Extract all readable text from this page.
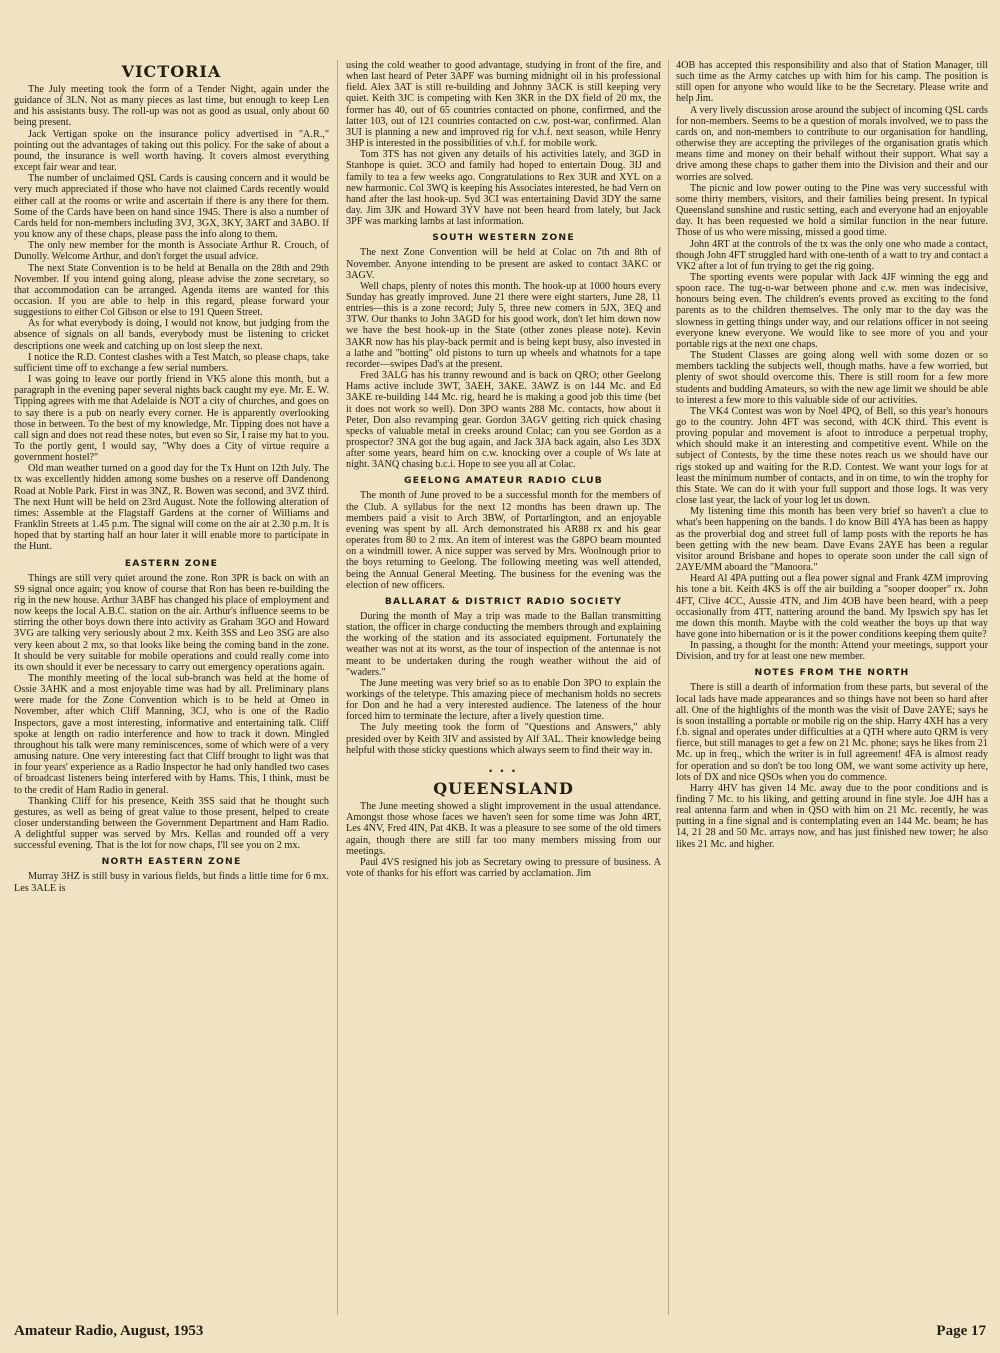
VICTORIA

The July meeting took the form of a Tender Night, again under the guidance of 3LN. Not as many pieces as last time, but enough to keep Len and his assistants busy. The roll-up was not as good as usual, only about 60 being present.

Jack Vertigan spoke on the insurance policy advertised in "A.R.," pointing out the advantages of taking out this policy. For the sake of about a pound, the insurance is well worth having. It covers almost everything except fair wear and tear.

The number of unclaimed QSL Cards is causing concern and it would be very much appreciated if those who have not claimed Cards recently would either call at the rooms or write and ascertain if there is any there for them. Some of the Cards have been on hand since 1945. There is also a number of Cards held for non-members including 3VJ, 3GX, 3KY, 3ART and 3ABO. If you know any of these chaps, please pass the info along to them.

The only new member for the month is Associate Arthur R. Crouch, of Dunolly. Welcome Arthur, and don't forget the usual advice.

The next State Convention is to be held at Benalla on the 28th and 29th November. If you intend going along, please advise the zone secretary, so that accommodation can be arranged. Agenda items are wanted for this occasion. If you are able to help in this regard, please forward your suggestions to either Col Gibson or else to 191 Queen Street.

As for what everybody is doing, I would not know, but judging from the absence of signals on all bands, everybody must be listening to cricket descriptions one week and catching up on lost sleep the next.

I notice the R.D. Contest clashes with a Test Match, so please chaps, take sufficient time off to exchange a few serial numbers.

I was going to leave our portly friend in VK5 alone this month, but a paragraph in the evening paper several nights back caught my eye. Mr. E. W. Tipping agrees with me that Adelaide is NOT a city of churches, and goes on to say there is a pub on nearly every corner. He is apparently overlooking those in between. To the best of my knowledge, Mr. Tipping does not have a call sign and does not read these notes, but even so Sir, I raise my hat to you. To the portly gent, I would say, "Why does a City of virtue require a government hostel?"

Old man weather turned on a good day for the Tx Hunt on 12th July. The tx was excellently hidden among some bushes on a reserve off Dandenong Road at Noble Park. First in was 3NZ, R. Bowen was second, and 3VZ third. The next Hunt will be held on 23rd August. Note the following alteration of times: Assemble at the Flagstaff Gardens at the corner of Williams and Franklin Streets at 1.45 p.m. The signal will come on the air at 2.30 p.m. It is hoped that by starting half an hour later it will enable more to participate in the Hunt.

EASTERN ZONE

Things are still very quiet around the zone. Ron 3PR is back on with an S9 signal once again; you know of course that Ron has been re-building the rig in the new house. Arthur 3ABF has changed his place of employment and now keeps the local A.B.C. station on the air. Arthur's influence seems to be stirring the other boys down there into activity as Graham 3GO and Howard 3VG are talking very seriously about 2 mx. Keith 3SS and Leo 3SG are also very keen about 2 mx, so that looks like being the coming band in the zone. It should be very suitable for mobile operations and could really come into its own should it ever be necessary to carry out emergency operations again.

The monthly meeting of the local sub-branch was held at the home of Ossie 3AHK and a most enjoyable time was had by all. Preliminary plans were made for the Zone Convention which is to be held at Omeo in November, after which Cliff Manning, 3CJ, who is one of the Radio Inspectors, gave a most interesting, informative and entertaining talk. Cliff spoke at length on radio interference and how to track it down. Mingled throughout his talk were many reminiscences, some of which were of a very amusing nature. One very interesting fact that Cliff brought to light was that in four years' experience as a Radio Inspector he had only handled two cases of broadcast listeners being interfered with by Hams. This, I think, must be to the credit of Ham Radio in general.

Thanking Cliff for his presence, Keith 3SS said that he thought such gestures, as well as being of great value to those present, helped to create closer understanding between the Government Department and Ham Radio. A delightful supper was served by Mrs. Kellas and rounded off a very successful evening. That is the lot for now chaps, I'll see you on 2 mx.

NORTH EASTERN ZONE

Murray 3HZ is still busy in various fields, but finds a little time for 6 mx. Les 3ALE is

using the cold weather to good advantage, studying in front of the fire, and when last heard of Peter 3APF was burning midnight oil in his professional field. Alex 3AT is still re-building and Johnny 3ACK is still keeping very quiet. Keith 3JC is competing with Ken 3KR in the DX field of 20 mx, the former has 40, out of 65 countries contacted on phone, confirmed, and the latter 103, out of 121 countries contacted on c.w. post-war, confirmed. Alan 3UI is planning a new and improved rig for v.h.f. next season, while Henry 3HP is interested in the possibilities of v.h.f. for mobile work.

Tom 3TS has not given any details of his activities lately, and 3GD in Stanhope is quiet. 3CO and family had hoped to entertain Doug. 3IJ and family to tea a few weeks ago. Congratulations to Rex 3UR and XYL on a new harmonic. Col 3WQ is keeping his Associates interested, he had Vern on hand after the last hook-up. Syd 3CI was entertaining David 3DY the same day. Jim 3JK and Howard 3YV have not been heard from lately, but Jack 3PF was marking lambs at last information.

SOUTH WESTERN ZONE

The next Zone Convention will be held at Colac on 7th and 8th of November. Anyone intending to be present are asked to contact 3AKC or 3AGV.

Well chaps, plenty of notes this month. The hook-up at 1000 hours every Sunday has greatly improved. June 21 there were eight starters, June 28, 11 entries—this is a zone record; July 5, three new comers in 5JX, 3EQ and 3TW. Our thanks to John 3AGD for his good work, don't let him down now we have the best hook-up in the State (other zones please note). Kevin 3AKR now has his play-back permit and is being kept busy, also invested in a lathe and "botting" old pistons to turn up wheels and whatnots for a tape recorder—swipes Dad's at the present.

Fred 3ALG has his tranny rewound and is back on QRO; other Geelong Hams active include 3WT, 3AEH, 3AKE. 3AWZ is on 144 Mc. and Ed 3AKE re-building 144 Mc. rig, heard he is making a good job this time (bet it does not work so well). Don 3PO wants 288 Mc. contacts, how about it Peter, Don also revamping gear. Gordon 3AGV getting rich quick chasing specks of valuable metal in creeks around Colac; can you see Gordon as a prospector? 3NA got the bug again, and Jack 3JA back again, also Les 3DX after some years, heard him on c.w. knocking over a couple of Ws late at night. 3ANQ chasing b.c.i. Hope to see you all at Colac.

GEELONG AMATEUR RADIO CLUB

The month of June proved to be a successful month for the members of the Club. A syllabus for the next 12 months has been drawn up. The members paid a visit to Arch 3BW, of Portarlington, and an enjoyable evening was spent by all. Arch demonstrated his AR88 rx and his gear operates from 80 to 2 mx. An item of interest was the G8PO beam mounted on a windmill tower. A nice supper was served by Mrs. Woolnough prior to the boys returning to Geelong. The following meeting was well attended, being the Annual General Meeting. The business for the evening was the election of new officers.

BALLARAT & DISTRICT RADIO SOCIETY

During the month of May a trip was made to the Ballan transmitting station, the officer in charge conducting the members through and explaining the working of the station and its associated equipment. Fortunately the weather was not at its worst, as the tour of inspection of the antennae is not meant to be undertaken during the rough weather without the aid of "waders."

The June meeting was very brief so as to enable Don 3PO to explain the workings of the teletype. This amazing piece of mechanism holds no secrets for Don and he had a very interested audience. The lateness of the hour forced him to terminate the lecture, after a lively question time.

The July meeting took the form of "Questions and Answers," ably presided over by Keith 3IV and assisted by Alf 3AL. Their knowledge being helpful with those sticky questions which always seem to find their way in.

• • •
QUEENSLAND

The June meeting showed a slight improvement in the usual attendance. Amongst those whose faces we haven't seen for some time was John 4RT, Les 4NV, Fred 4IN, Pat 4KB. It was a pleasure to see some of the old timers again, though there are still far too many members missing from our meetings.

Paul 4VS resigned his job as Secretary owing to pressure of business. A vote of thanks for his effort was carried by acclamation. Jim

4OB has accepted this responsibility and also that of Station Manager, till such time as the Army catches up with him for his camp. The position is still open for anyone who would like to be the Secretary. Please write and help Jim.

A very lively discussion arose around the subject of incoming QSL cards for non-members. Seems to be a question of morals involved, we to pass the cards on, and non-members to contribute to our organisation for handling, otherwise they are accepting the privileges of the organisation gratis which means time and money on their behalf without their support. What say a drive among these chaps to gather them into the Division and their and our worries are solved.

The picnic and low power outing to the Pine was very successful with some thirty members, visitors, and their families being present. In typical Queensland sunshine and rustic setting, each and everyone had an enjoyable day. It has been requested we hold a similar function in the near future. Those of us who were missing, missed a good time.

John 4RT at the controls of the tx was the only one who made a contact, though John 4FT struggled hard with one-tenth of a watt to try and contact a VK2 after a lot of fun trying to get the rig going.

The sporting events were popular with Jack 4JF winning the egg and spoon race. The tug-o-war between phone and c.w. men was indecisive, honours being even. The children's events proved as exciting to the fond parents as to the children themselves. The only mar to the day was the slowness in getting things under way, and our relations officer in not seeing everyone knew everyone. We would like to see more of you and your portable rigs at the next one chaps.

The Student Classes are going along well with some dozen or so members tackling the subjects well, though maths. have a few worried, but plenty of swot should overcome this. There is still room for a few more students and budding Amateurs, so with the new age limit we should be able to interest a few more to this valuable side of our activities.

The VK4 Contest was won by Noel 4PQ, of Bell, so this year's honours go to the country. John 4FT was second, with 4CK third. This event is proving popular and movement is afoot to introduce a perpetual trophy, which should make it an interesting and competitive event. While on the subject of Contests, by the time these notes reach us we should have our rigs stoked up and waiting for the R.D. Contest. We want your logs for at least the minimum number of contacts, and in on time, to win the trophy for this State. We can do it with your full support and those logs. It was very close last year, the lack of your log let us down.

My listening time this month has been very brief so haven't a clue to what's been happening on the bands. I do know Bill 4YA has been as happy as the proverbial dog and street full of lamp posts with the reports he has been getting with the new beam. Dave Evans 2AYE has been a regular visitor around Brisbane and hopes to operate soon under the call sign of 2AYE/MM aboard the "Manoora."

Heard Al 4PA putting out a flea power signal and Frank 4ZM improving his tone a bit. Keith 4KS is off the air building a "sooper dooper" rx. John 4FT, Clive 4CC, Aussie 4TN, and Jim 4OB have been heard, with a peep occasionally from 4TT, nattering around the band. My Ipswich spy has let me down this month. Maybe with the cold weather the boys up that way have gone into hibernation or is it the power conditions keeping them quite?

In passing, a thought for the month: Attend your meetings, support your Division, and try for at least one new member.

NOTES FROM THE NORTH

There is still a dearth of information from these parts, but several of the local lads have made appearances and so things have not been so hard after all. One of the highlights of the month was the visit of Dave 2AYE; says he is soon installing a portable or mobile rig on the ship. Harry 4XH has a very f.b. signal and operates under difficulties at a QTH where auto QRM is very fierce, but still manages to get a few on 21 Mc. phone; says he likes from 21 Mc. up in freq., which the writer is in full agreement! 4FA is almost ready for operation and so don't be too long OM, we want some activity up here, lots of DX and nice QSOs when you do commence.

Harry 4HV has given 14 Mc. away due to the poor conditions and is finding 7 Mc. to his liking, and getting around in fine style. Joe 4JH has a real antenna farm and when in QSO with him on 21 Mc. recently, he was putting in a fine signal and is contemplating even an 144 Mc. beam; he has 14, 21 28 and 50 Mc. arrays now, and has just finished new tower; he also likes 21 Mc. and higher.

Amateur Radio, August, 1953	Page 17
